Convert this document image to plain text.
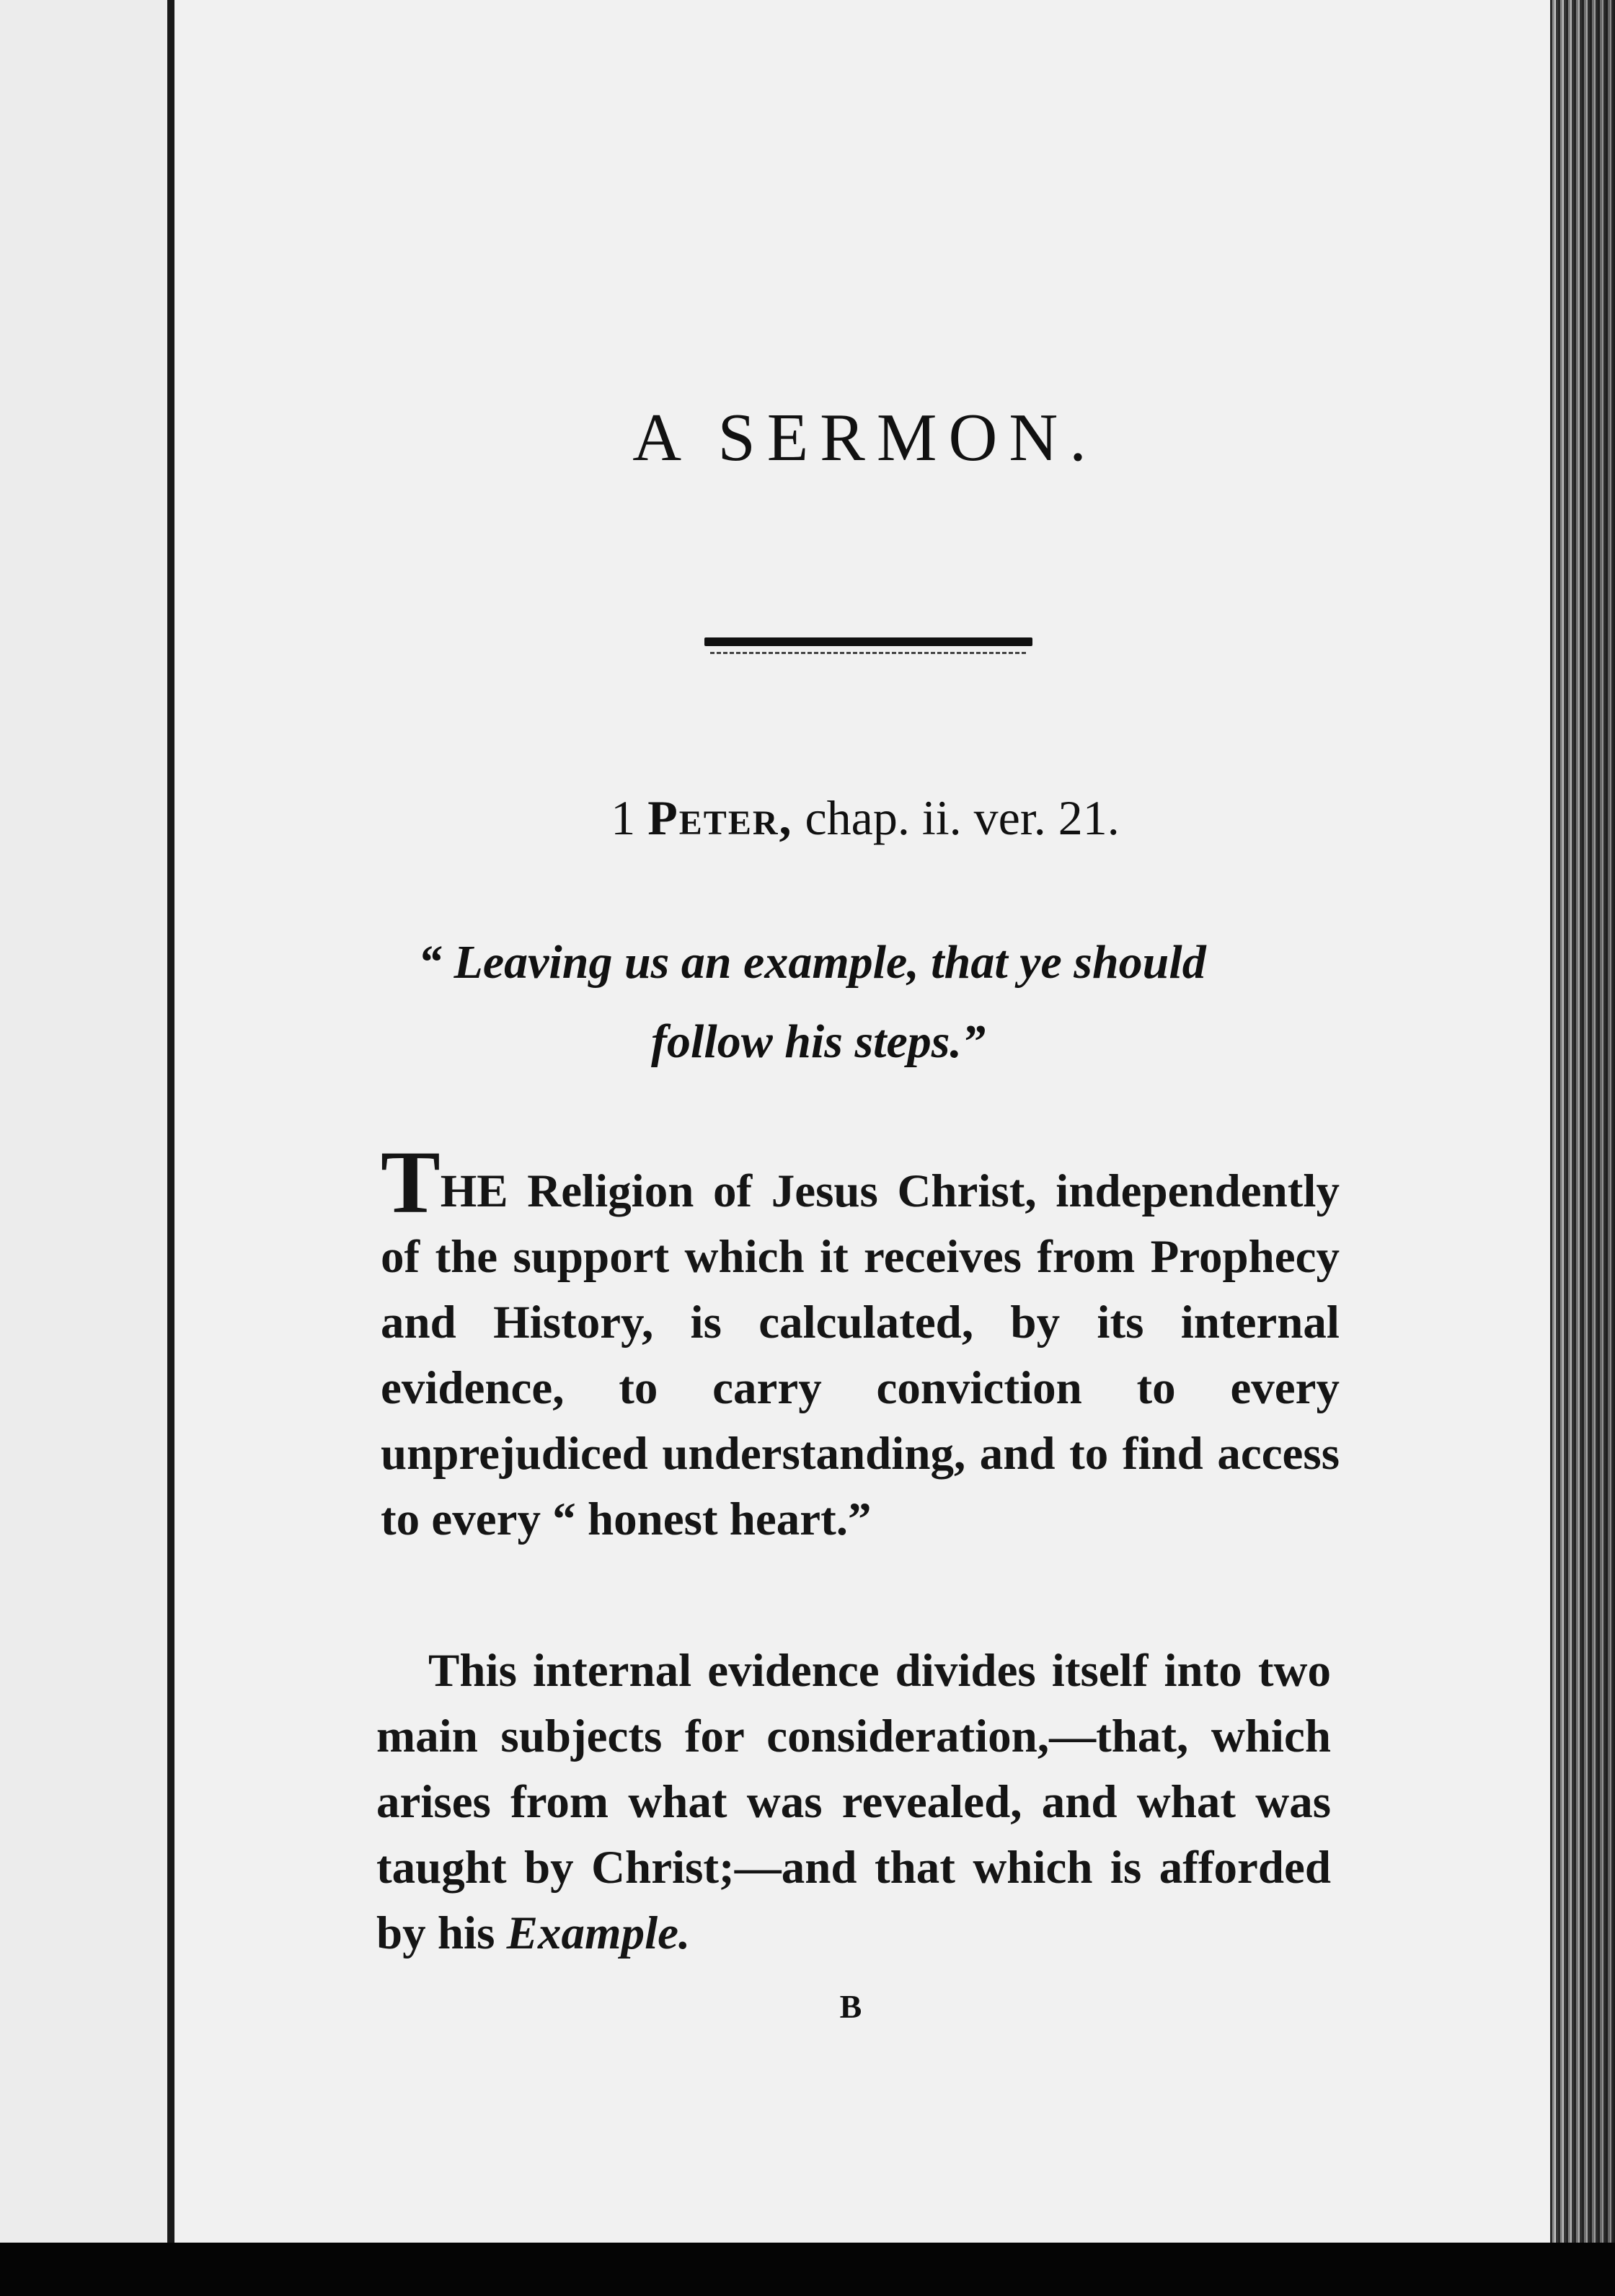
A SERMON.

1 Peter, chap. ii. ver. 21.

“ Leaving us an example, that ye should
follow his steps.”

THE Religion of Jesus Christ, independently of the support which it receives from Prophecy and History, is calculated, by its internal evidence, to carry conviction to every unprejudiced understanding, and to find access to every “ honest heart.”

This internal evidence divides itself into two main subjects for consideration,—that, which arises from what was revealed, and what was taught by Christ;—and that which is afforded by his Example.

B
